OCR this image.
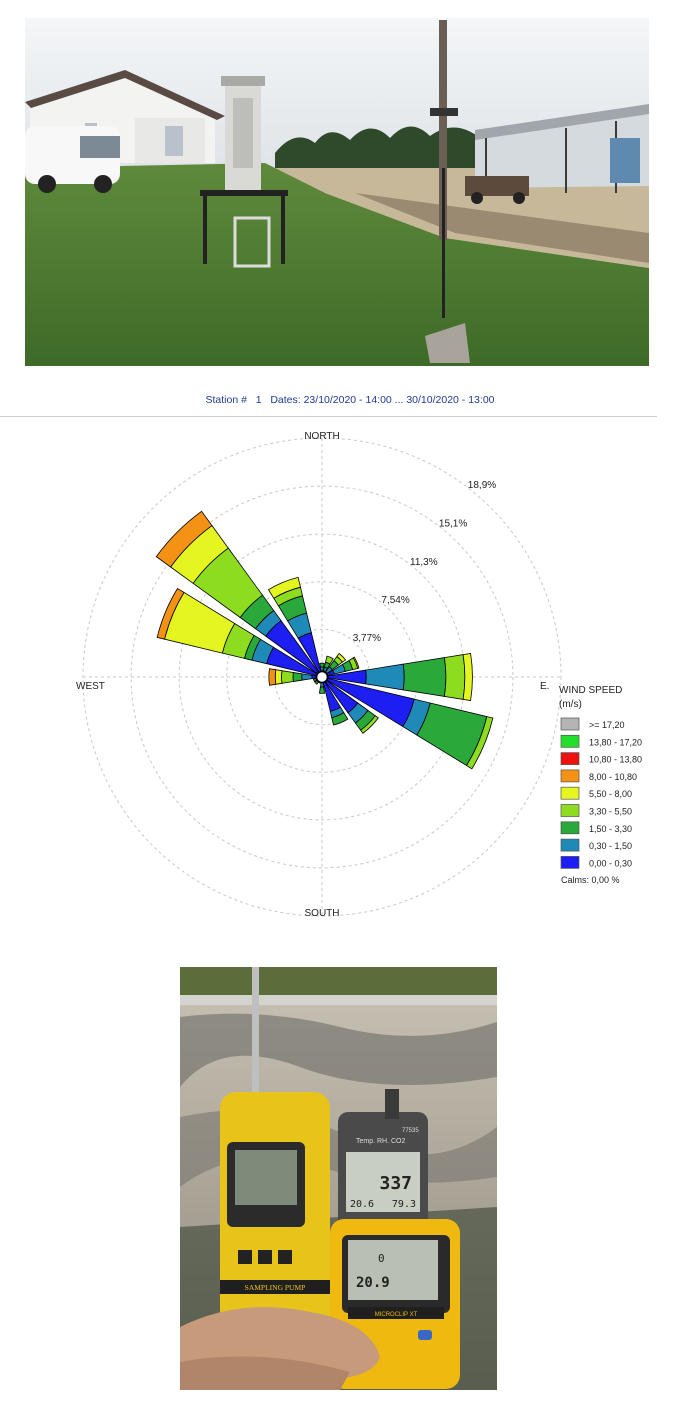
Station # 1 Dates: 23/10/2020 - 14:00 ... 30/10/2020 - 13:00
NORTH
SOUTH
WEST	E.
3,77%
7,54%
11,3%
15,1%
18,9%
WIND SPEED
(m/s)
>= 17,20
13,80 - 17,20
10,80 - 13,80
8,00 - 10,80
5,50 - 8,00
3,30 - 5,50
1,50 - 3,30
0,30 - 1,50
0,00 - 0,30
Calms: 0,00 %
SAMPLING PUMP
77535
Temp. RH. CO2
337
20.6 79.3
0
20.9
MICROCLIP XT
